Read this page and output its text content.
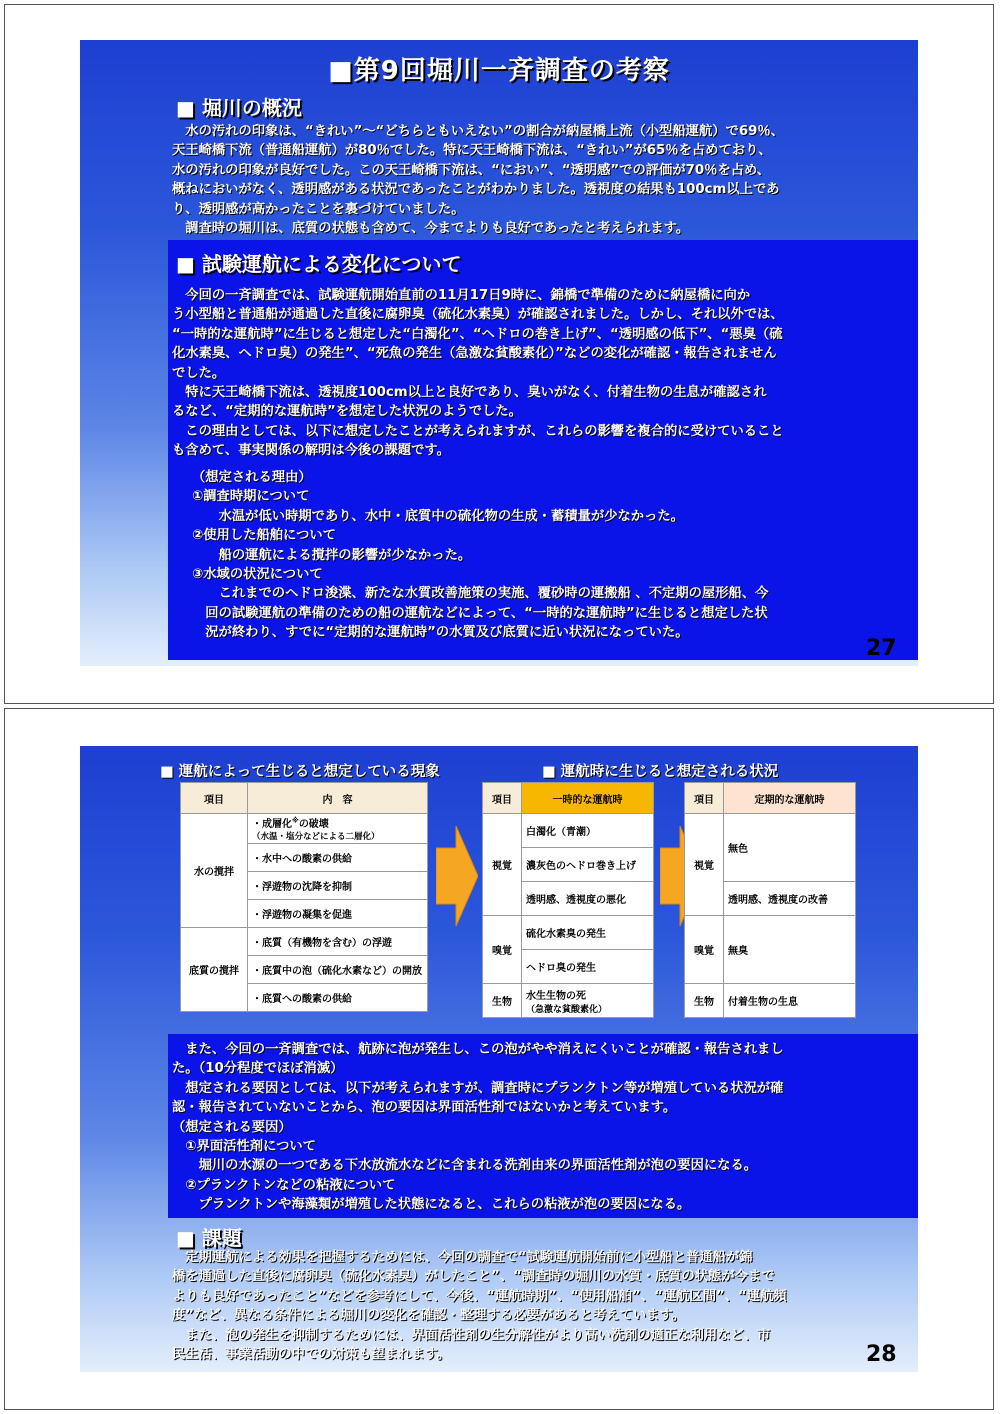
■第9回堀川一斉調査の考察
■ 堀川の概況
　水の汚れの印象は、“きれい”～“どちらともいえない”の割合が納屋橋上流（小型船運航）で69％、
天王崎橋下流（普通船運航）が80％でした。特に天王崎橋下流は、“きれい”が65％を占めており、
水の汚れの印象が良好でした。この天王崎橋下流は、“におい”、“透明感”での評価が70％を占め、
概ねにおいがなく、透明感がある状況であったことがわかりました。透視度の結果も100cm以上であ
り、透明感が高かったことを裏づけていました。
　調査時の堀川は、底質の状態も含めて、今までよりも良好であったと考えられます。
■ 試験運航による変化について
　今回の一斉調査では、試験運航開始直前の11月17日9時に、錦橋で準備のために納屋橋に向か
う小型船と普通船が通過した直後に腐卵臭（硫化水素臭）が確認されました。しかし、それ以外では、
“一時的な運航時”に生じると想定した“白濁化”、“ヘドロの巻き上げ”、“透明感の低下”、“悪臭（硫
化水素臭、ヘドロ臭）の発生”、“死魚の発生（急激な貧酸素化）”などの変化が確認・報告されません
でした。
　特に天王崎橋下流は、透視度100cm以上と良好であり、臭いがなく、付着生物の生息が確認され
るなど、“定期的な運航時”を想定した状況のようでした。
　この理由としては、以下に想定したことが考えられますが、これらの影響を複合的に受けていること
も含めて、事実関係の解明は今後の課題です。
（想定される理由）
①調査時期について
　　水温が低い時期であり、水中・底質中の硫化物の生成・蓄積量が少なかった。
②使用した船舶について
　　船の運航による撹拌の影響が少なかった。
③水域の状況について
　　これまでのヘドロ浚渫、新たな水質改善施策の実施、覆砂時の運搬船 、不定期の屋形船、今
　回の試験運航の準備のための船の運航などによって、“一時的な運航時”に生じると想定した状
　況が終わり、すでに“定期的な運航時”の水質及び底質に近い状況になっていた。
27
■ 運航によって生じると想定している現象	■ 運航時に生じると想定される状況
項目	内　容
水の撹拌	・成層化※の破壊
（水温・塩分などによる二層化）
	・水中への酸素の供給
	・浮遊物の沈降を抑制
	・浮遊物の凝集を促進
底質の撹拌	・底質（有機物を含む）の浮遊
	・底質中の泡（硫化水素など）の開放
	・底質への酸素の供給
項目	一時的な運航時
視覚	白濁化（青潮）
	濃灰色のヘドロ巻き上げ
	透明感、透視度の悪化
嗅覚	硫化水素臭の発生
	ヘドロ臭の発生
生物	水生生物の死
（急激な貧酸素化）
項目	定期的な運航時
視覚	無色
	透明感、透視度の改善
嗅覚	無臭
生物	付着生物の生息
　また、今回の一斉調査では、航跡に泡が発生し、この泡がやや消えにくいことが確認・報告されまし
た。（10分程度でほぼ消滅）
　想定される要因としては、以下が考えられますが、調査時にプランクトン等が増殖している状況が確
認・報告されていないことから、泡の要因は界面活性剤ではないかと考えています。
（想定される要因）
　①界面活性剤について
　　堀川の水源の一つである下水放流水などに含まれる洗剤由来の界面活性剤が泡の要因になる。
　②プランクトンなどの粘液について
　　プランクトンや海藻類が増殖した状態になると、これらの粘液が泡の要因になる。
■ 課題
　定期運航による効果を把握するためには、今回の調査で“試験運航開始前に小型船と普通船が錦
橋を通過した直後に腐卵臭（硫化水素臭）がしたこと”、“調査時の堀川の水質・底質の状態が今まで
よりも良好であったこと”などを参考にして、今後、“運航時期”、“使用船舶”、“運航区間”、“運航頻
度”など、異なる条件による堀川の変化を確認・整理する必要があると考えています。
　また、泡の発生を抑制するためには、界面活性剤の生分解性がより高い洗剤の適正な利用など、市
民生活、事業活動の中での対策も望まれます。	28
